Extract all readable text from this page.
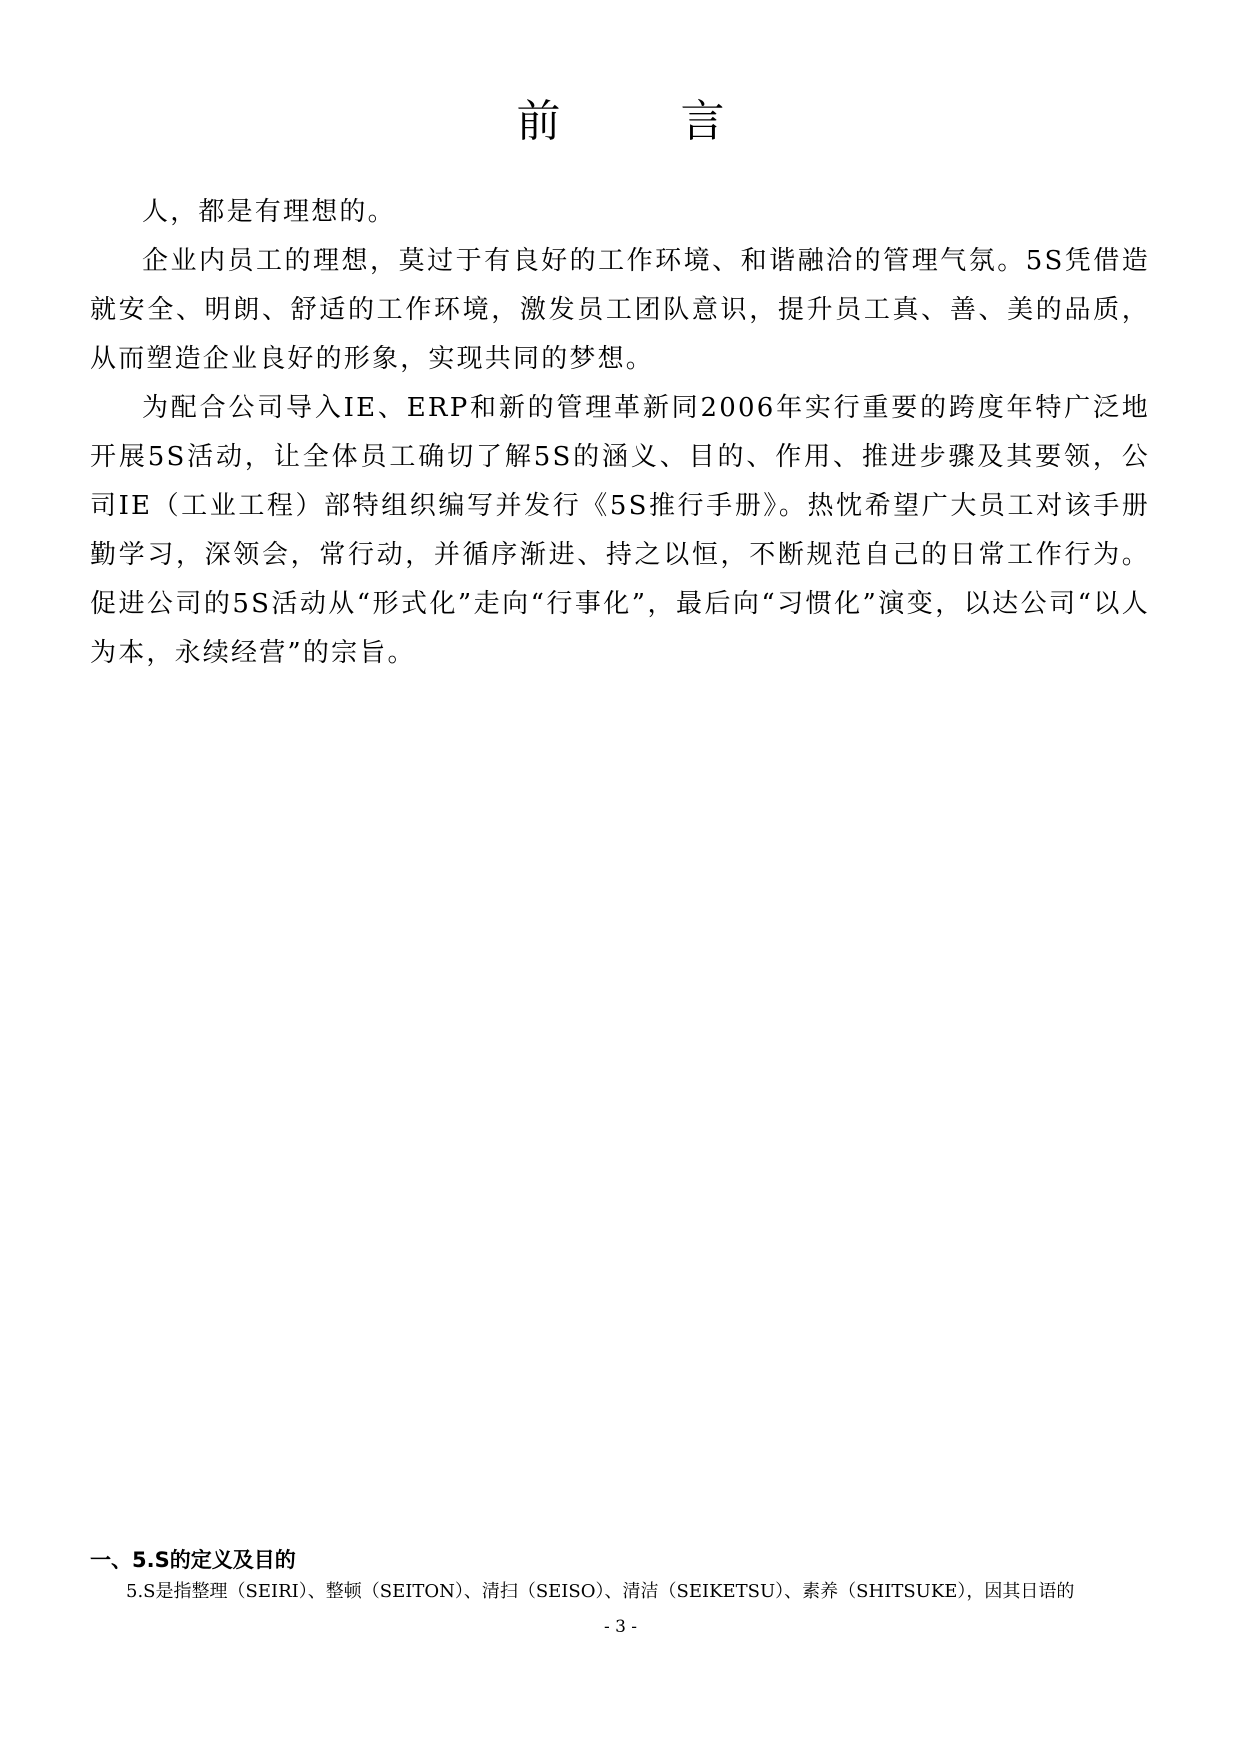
前　言

人，都是有理想的。

企业内员工的理想，莫过于有良好的工作环境、和谐融洽的管理气氛。5S凭借造就安全、明朗、舒适的工作环境，激发员工团队意识，提升员工真、善、美的品质，从而塑造企业良好的形象，实现共同的梦想。

为配合公司导入IE、ERP和新的管理革新同2006年实行重要的跨度年特广泛地开展5S活动，让全体员工确切了解5S的涵义、目的、作用、推进步骤及其要领，公司IE（工业工程）部特组织编写并发行《5S推行手册》。热忱希望广大员工对该手册勤学习，深领会，常行动，并循序渐进、持之以恒，不断规范自己的日常工作行为。促进公司的5S活动从“形式化”走向“行事化”，最后向“习惯化”演变，以达公司“以人为本，永续经营”的宗旨。

一、5.S的定义及目的
5.S是指整理（SEIRI）、整顿（SEITON）、清扫（SEISO）、清洁（SEIKETSU）、素养（SHITSUKE），因其日语的
- 3 -
